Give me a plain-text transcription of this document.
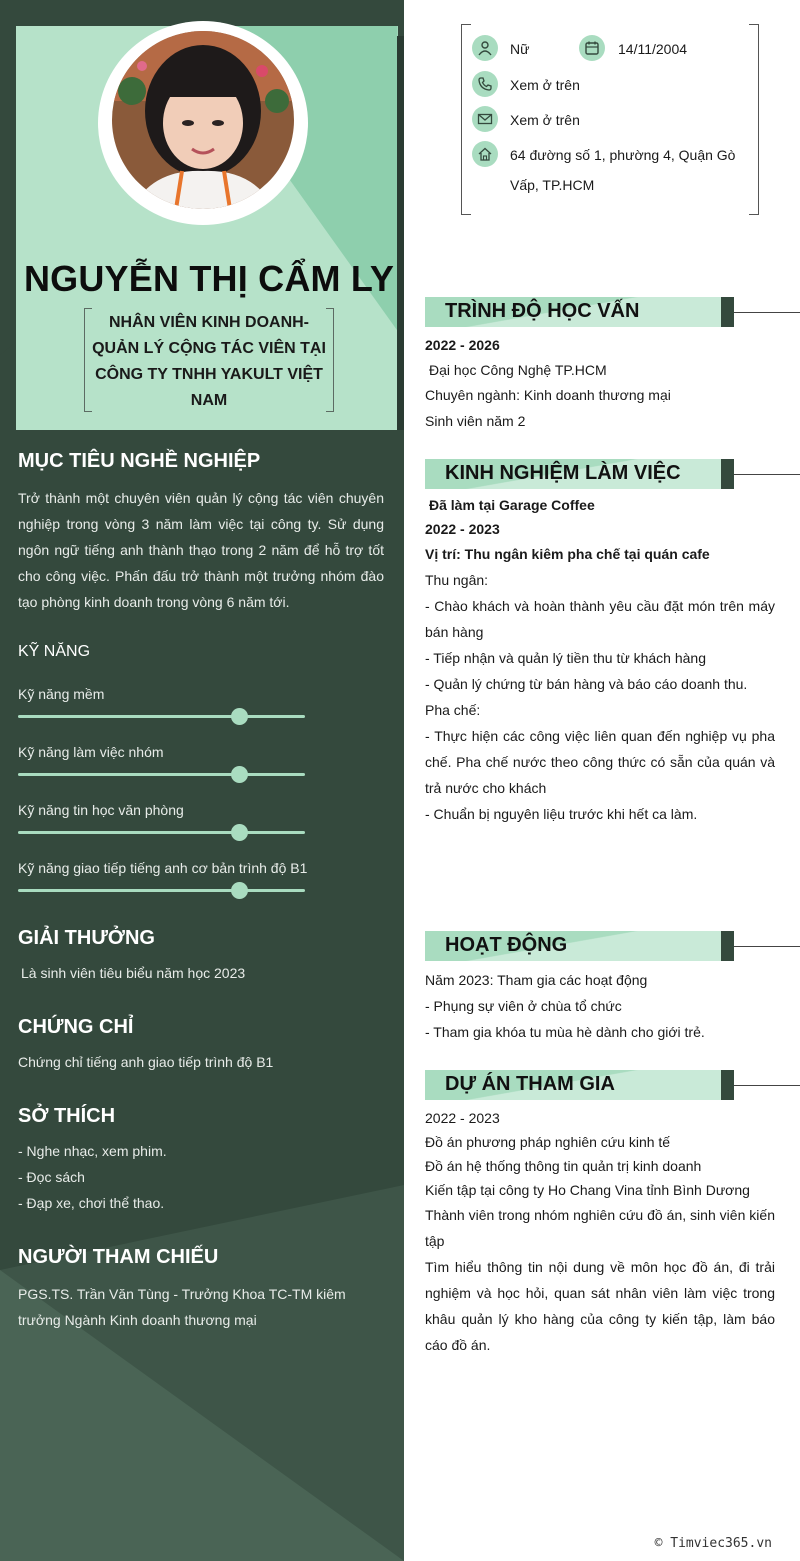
NGUYỄN THỊ CẨM LY
NHÂN VIÊN KINH DOANH- QUẢN LÝ CỘNG TÁC VIÊN TẠI CÔNG TY TNHH YAKULT VIỆT NAM
MỤC TIÊU NGHỀ NGHIỆP
Trở thành một chuyên viên quản lý cộng tác viên chuyên nghiệp trong vòng 3 năm làm việc tại công ty. Sử dụng ngôn ngữ tiếng anh thành thạo trong 2 năm để hỗ trợ tốt cho công việc. Phấn đấu trở thành một trưởng nhóm đào tạo phòng kinh doanh trong vòng 6 năm tới.
KỸ NĂNG
Kỹ năng mềm
Kỹ năng làm việc nhóm
Kỹ năng tin học văn phòng
Kỹ năng giao tiếp tiếng anh cơ bản trình độ B1
GIẢI THƯỞNG
Là sinh viên tiêu biểu năm học 2023
CHỨNG CHỈ
Chứng chỉ tiếng anh giao tiếp trình độ B1
SỞ THÍCH
- Nghe nhạc, xem phim.
- Đọc sách
- Đạp xe, chơi thể thao.
NGƯỜI THAM CHIẾU
PGS.TS. Trần Văn Tùng - Trưởng Khoa TC-TM kiêm trưởng Ngành Kinh doanh thương mại
Nữ	14/11/2004
Xem ở trên
Xem ở trên
64 đường số 1, phường 4, Quận Gò
Vấp, TP.HCM
TRÌNH ĐỘ HỌC VẤN
2022 - 2026
Đại học Công Nghệ TP.HCM
Chuyên ngành: Kinh doanh thương mại
Sinh viên năm 2
KINH NGHIỆM LÀM VIỆC
Đã làm tại Garage Coffee
2022 - 2023
Vị trí: Thu ngân kiêm pha chế tại quán cafe
Thu ngân:
- Chào khách và hoàn thành yêu cầu đặt món trên máy bán hàng
- Tiếp nhận và quản lý tiền thu từ khách hàng
- Quản lý chứng từ bán hàng và báo cáo doanh thu.
Pha chế:
- Thực hiện các công việc liên quan đến nghiệp vụ pha chế. Pha chế nước theo công thức có sẵn của quán và trả nước cho khách
- Chuẩn bị nguyên liệu trước khi hết ca làm.
HOẠT ĐỘNG
Năm 2023: Tham gia các hoạt động
- Phụng sự viên ở chùa tổ chức
- Tham gia khóa tu mùa hè dành cho giới trẻ.
DỰ ÁN THAM GIA
2022 - 2023
Đồ án phương pháp nghiên cứu kinh tế
Đồ án hệ thống thông tin quản trị kinh doanh
Kiến tập tại công ty Ho Chang Vina tỉnh Bình Dương
Thành viên trong nhóm nghiên cứu đồ án, sinh viên kiến tập
Tìm hiểu thông tin nội dung về môn học đồ án, đi trải nghiệm và học hỏi, quan sát nhân viên làm việc trong khâu quản lý kho hàng của công ty kiến tập, làm báo cáo đồ án.
© Timviec365.vn
